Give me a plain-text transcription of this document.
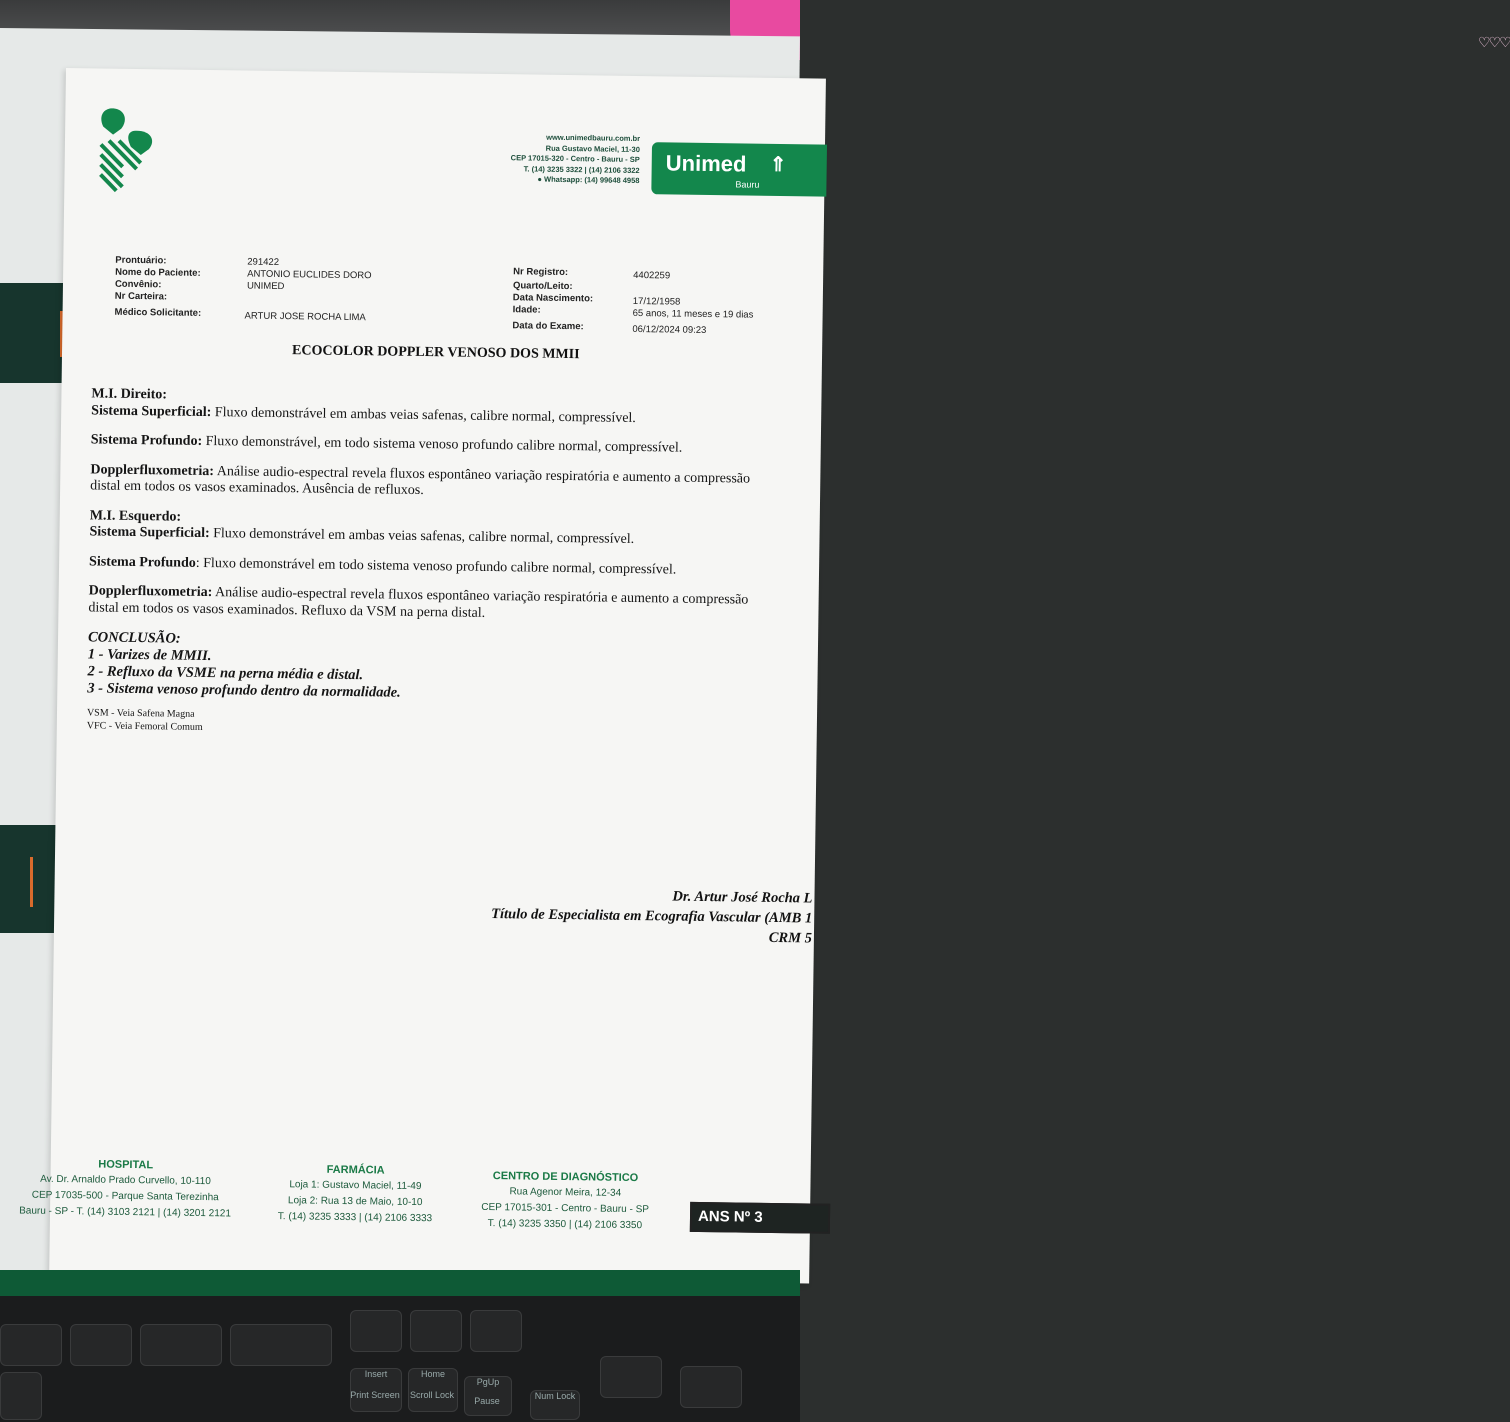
♡♡♡
www.unimedbauru.com.br
Rua Gustavo Maciel, 11-30
CEP 17015-320 - Centro - Bauru - SP
T. (14) 3235 3322 | (14) 2106 3322
● Whatsapp: (14) 99648 4958
Unimed ⇑
Bauru
Prontuário:	291422
Nome do Paciente:	ANTONIO EUCLIDES DORO
Convênio:	UNIMED
Nr Carteira:
Médico Solicitante:	ARTUR JOSE ROCHA LIMA
Nr Registro:	4402259
Quarto/Leito:
Data Nascimento:	17/12/1958
Idade:	65 anos, 11 meses e 19 dias
Data do Exame:	06/12/2024 09:23
ECOCOLOR DOPPLER VENOSO DOS MMII
M.I. Direito:
Sistema Superficial: Fluxo demonstrável em ambas veias safenas, calibre normal, compressível.
Sistema Profundo: Fluxo demonstrável, em todo sistema venoso profundo calibre normal, compressível.
Dopplerfluxometria: Análise audio-espectral revela fluxos espontâneo variação respiratória e aumento a compressão distal em todos os vasos examinados. Ausência de refluxos.
M.I. Esquerdo:
Sistema Superficial: Fluxo demonstrável em ambas veias safenas, calibre normal, compressível.
Sistema Profundo: Fluxo demonstrável em todo sistema venoso profundo calibre normal, compressível.
Dopplerfluxometria: Análise audio-espectral revela fluxos espontâneo variação respiratória e aumento a compressão distal em todos os vasos examinados. Refluxo da VSM na perna distal.
CONCLUSÃO:
1 - Varizes de MMII.
2 - Refluxo da VSME na perna média e distal.
3 - Sistema venoso profundo dentro da normalidade.
VSM - Veia Safena Magna
VFC - Veia Femoral Comum
Dr. Artur José Rocha L
Título de Especialista em Ecografia Vascular (AMB 1
CRM 5
HOSPITAL
Av. Dr. Arnaldo Prado Curvello, 10-110
CEP 17035-500 - Parque Santa Terezinha
Bauru - SP - T. (14) 3103 2121 | (14) 3201 2121
FARMÁCIA
Loja 1: Gustavo Maciel, 11-49
Loja 2: Rua 13 de Maio, 10-10
T. (14) 3235 3333 | (14) 2106 3333
CENTRO DE DIAGNÓSTICO
Rua Agenor Meira, 12-34
CEP 17015-301 - Centro - Bauru - SP
T. (14) 3235 3350 | (14) 2106 3350	ANS Nº 3
Insert
Print Screen
Home
Scroll Lock
PgUp
Pause	Num Lock
